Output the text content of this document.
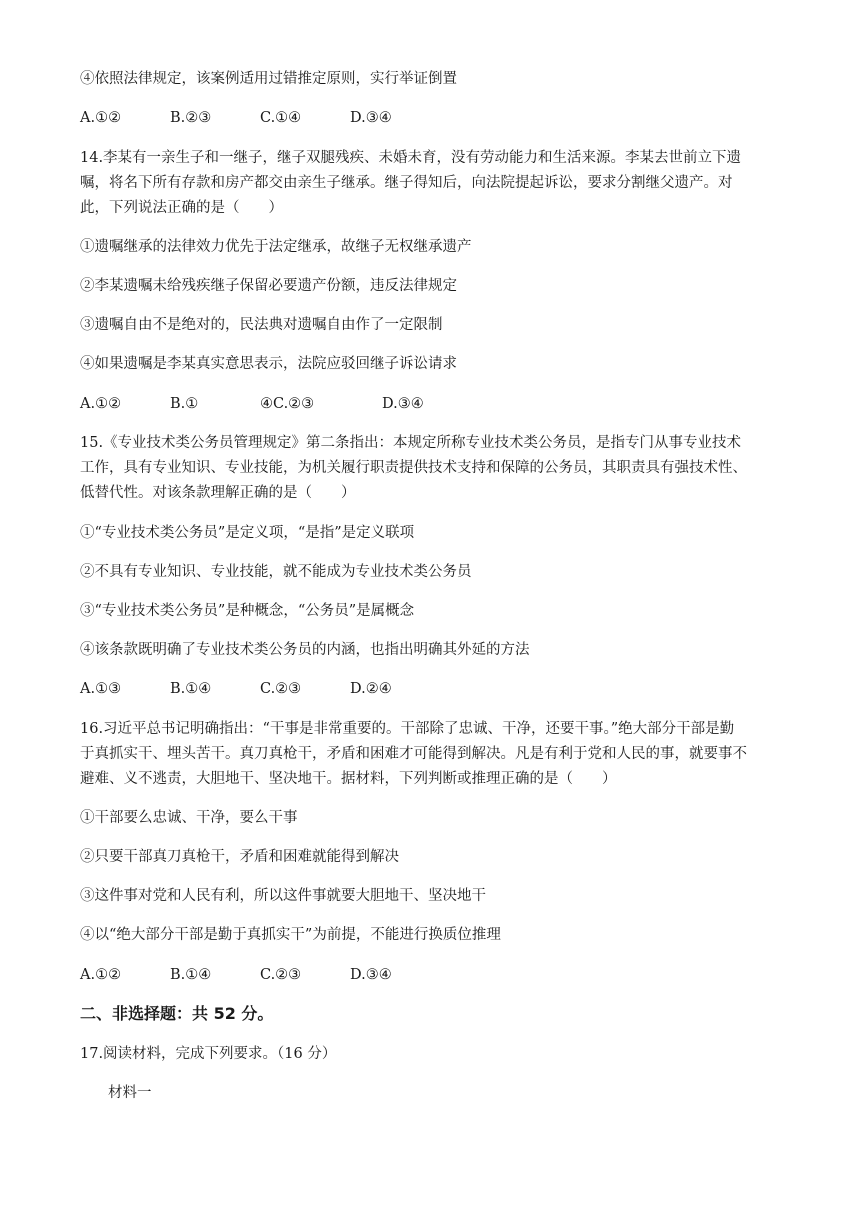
④依照法律规定，该案例适用过错推定原则，实行举证倒置
A.①②	B.②③	C.①④	D.③④
14.李某有一亲生子和一继子，继子双腿残疾、未婚未育，没有劳动能力和生活来源。李某去世前立下遗
嘱，将名下所有存款和房产都交由亲生子继承。继子得知后，向法院提起诉讼，要求分割继父遗产。对
此，下列说法正确的是（　　）
①遗嘱继承的法律效力优先于法定继承，故继子无权继承遗产
②李某遗嘱未给残疾继子保留必要遗产份额，违反法律规定
③遗嘱自由不是绝对的，民法典对遗嘱自由作了一定限制
④如果遗嘱是李某真实意思表示，法院应驳回继子诉讼请求
A.①②	B.①	④C.②③	D.③④
15.《专业技术类公务员管理规定》第二条指出：本规定所称专业技术类公务员，是指专门从事专业技术
工作，具有专业知识、专业技能，为机关履行职责提供技术支持和保障的公务员，其职责具有强技术性、
低替代性。对该条款理解正确的是（　　）
①“专业技术类公务员”是定义项，“是指”是定义联项
②不具有专业知识、专业技能，就不能成为专业技术类公务员
③“专业技术类公务员”是种概念，“公务员”是属概念
④该条款既明确了专业技术类公务员的内涵，也指出明确其外延的方法
A.①③	B.①④	C.②③	D.②④
16.习近平总书记明确指出：“干事是非常重要的。干部除了忠诚、干净，还要干事。”绝大部分干部是勤
于真抓实干、埋头苦干。真刀真枪干，矛盾和困难才可能得到解决。凡是有利于党和人民的事，就要事不
避难、义不逃责，大胆地干、坚决地干。据材料，下列判断或推理正确的是（　　）
①干部要么忠诚、干净，要么干事
②只要干部真刀真枪干，矛盾和困难就能得到解决
③这件事对党和人民有利，所以这件事就要大胆地干、坚决地干
④以“绝大部分干部是勤于真抓实干”为前提，不能进行换质位推理
A.①②	B.①④	C.②③	D.③④
二、非选择题：共 52 分。
17.阅读材料，完成下列要求。（16 分）
材料一
